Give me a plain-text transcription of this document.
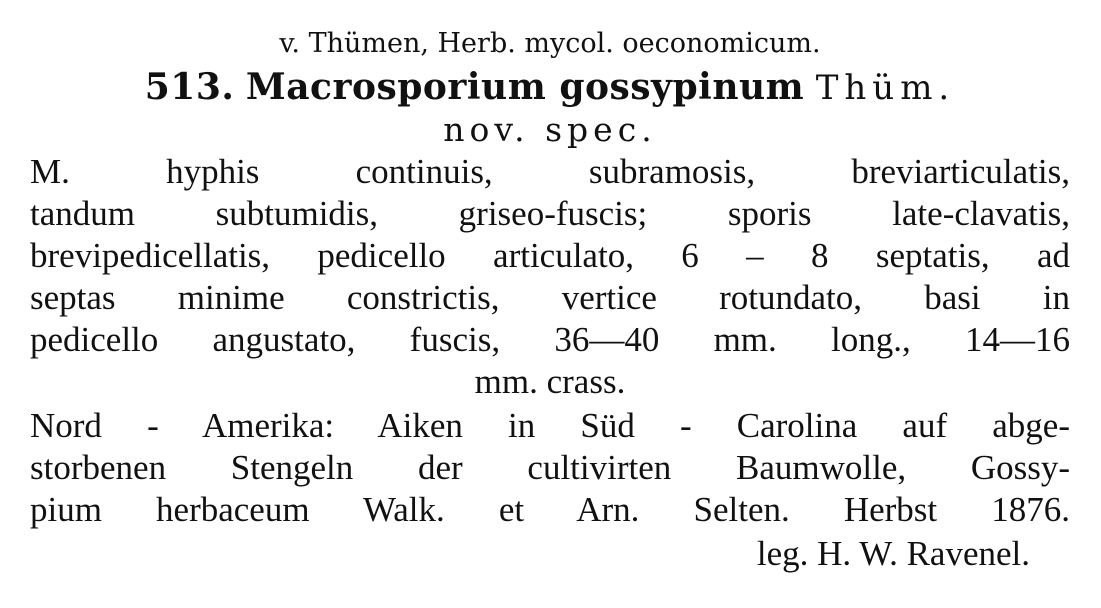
v. Thümen, Herb. mycol. oeconomicum.
513. Macrosporium gossypinum Thüm.
nov. spec.
M. hyphis continuis, subramosis, breviarticulatis,
tandum subtumidis, griseo-fuscis; sporis late-clavatis,
brevipedicellatis, pedicello articulato, 6 – 8 septatis, ad
septas minime constrictis, vertice rotundato, basi in
pedicello angustato, fuscis, 36—40 mm. long., 14—16
mm. crass.
Nord - Amerika: Aiken in Süd - Carolina auf abge-
storbenen Stengeln der cultivirten Baumwolle, Gossy-
pium herbaceum Walk. et Arn. Selten. Herbst 1876.
leg. H. W. Ravenel.
